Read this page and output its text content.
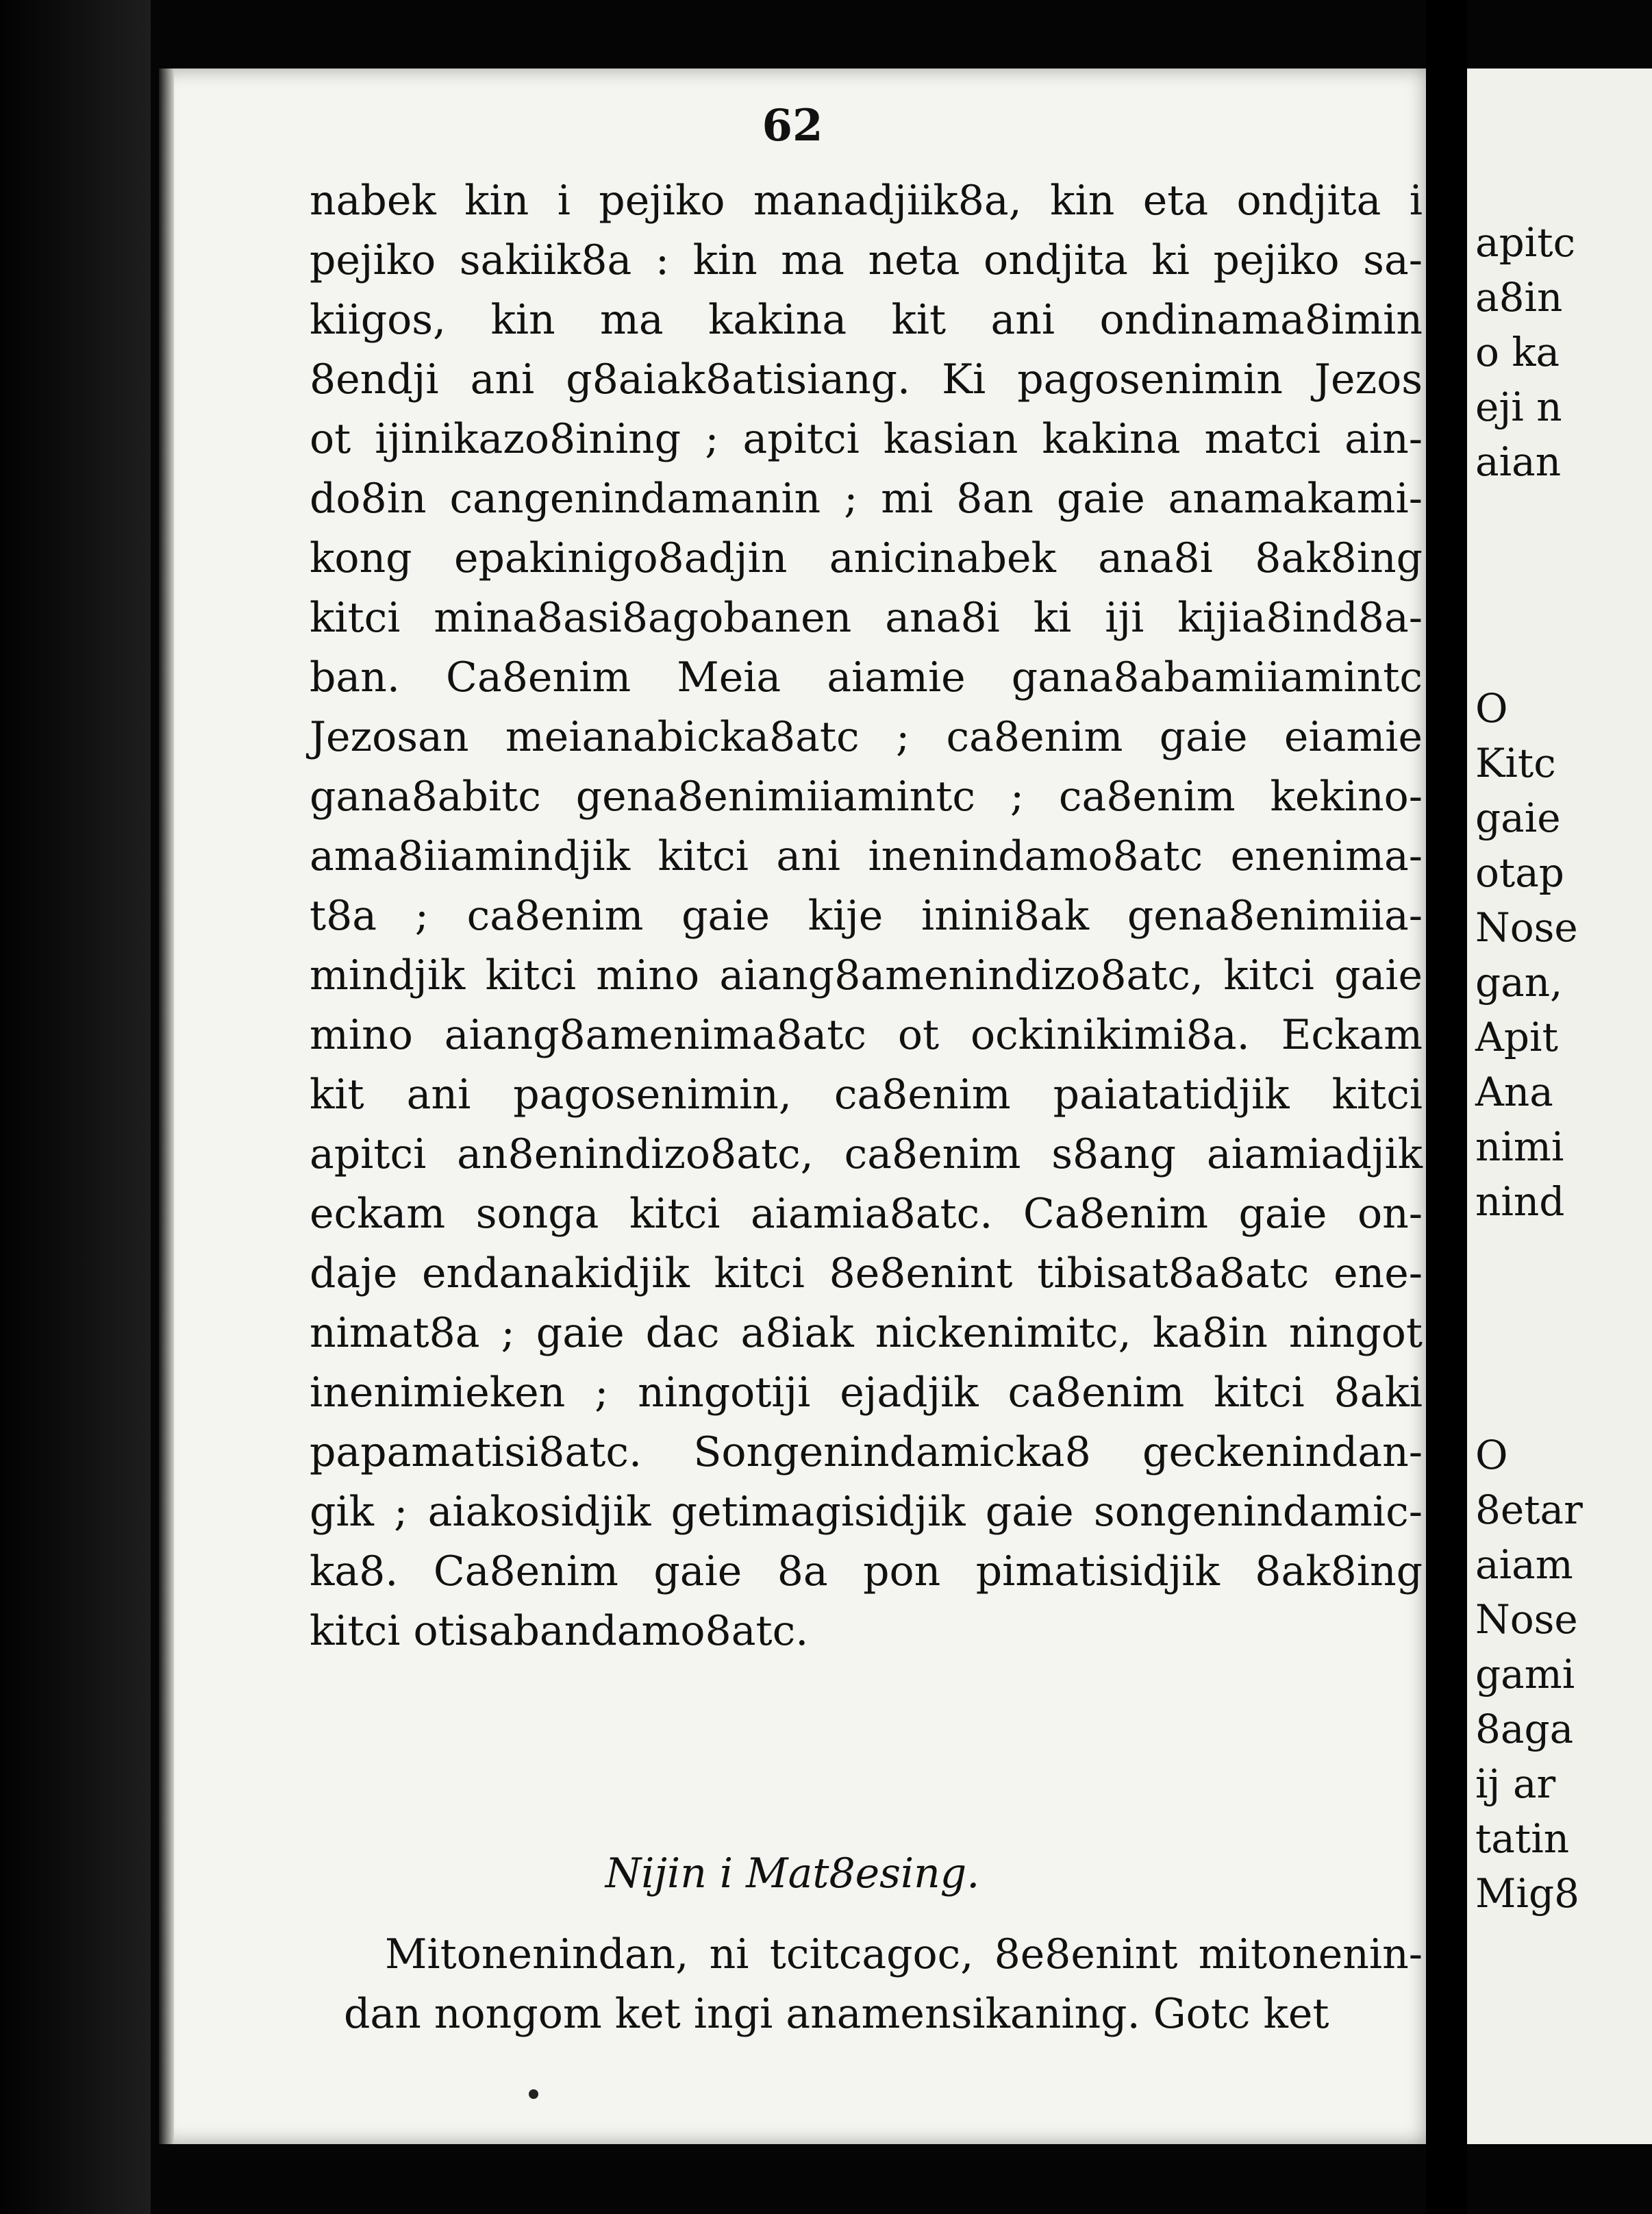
62
nabek kin i pejiko manadjiik8a, kin eta ondjita i
pejiko sakiik8a : kin ma neta ondjita ki pejiko sa-
kiigos, kin ma kakina kit ani ondinama8imin
8endji ani g8aiak8atisiang. Ki pagosenimin Jezos
ot ijinikazo8ining ; apitci kasian kakina matci ain-
do8in cangenindamanin ; mi 8an gaie anamakami-
kong epakinigo8adjin anicinabek ana8i 8ak8ing
kitci mina8asi8agobanen ana8i ki iji kijia8ind8a-
ban. Ca8enim Meia aiamie gana8abamiiamintc
Jezosan meianabicka8atc ; ca8enim gaie eiamie
gana8abitc gena8enimiiamintc ; ca8enim kekino-
ama8iiamindjik kitci ani inenindamo8atc enenima-
t8a ; ca8enim gaie kije inini8ak gena8enimiia-
mindjik kitci mino aiang8amenindizo8atc, kitci gaie
mino aiang8amenima8atc ot ockinikimi8a. Eckam
kit ani pagosenimin, ca8enim paiatatidjik kitci
apitci an8enindizo8atc, ca8enim s8ang aiamiadjik
eckam songa kitci aiamia8atc. Ca8enim gaie on-
daje endanakidjik kitci 8e8enint tibisat8a8atc ene-
nimat8a ; gaie dac a8iak nickenimitc, ka8in ningot
inenimieken ; ningotiji ejadjik ca8enim kitci 8aki
papamatisi8atc. Songenindamicka8 geckenindan-
gik ; aiakosidjik getimagisidjik gaie songenindamic-
ka8. Ca8enim gaie 8a pon pimatisidjik 8ak8ing
kitci otisabandamo8atc.
Nijin i Mat8esing.
Mitonenindan, ni tcitcagoc, 8e8enint mitonenin-
dan nongom ket ingi anamensikaning. Gotc ket
apitc
a8in
o ka
eji n
aian
O
Kitc
gaie
otap
Nose
gan,
Apit
Ana
nimi
nind
O
8etar
aiam
Nose
gami
8aga
ij ar
tatin
Mig8
